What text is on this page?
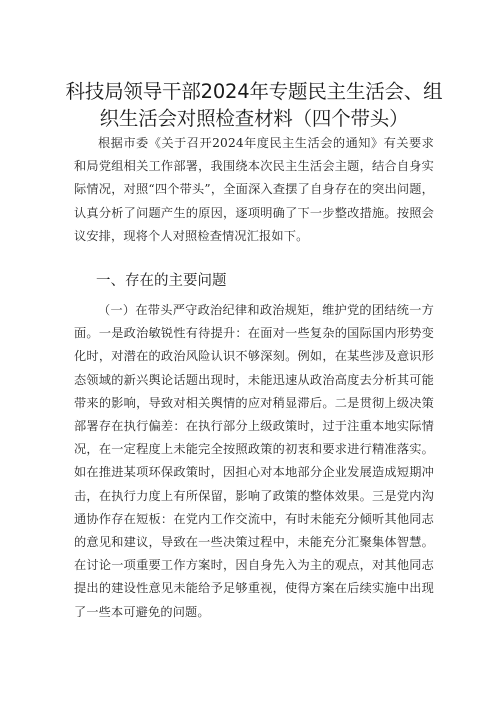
科技局领导干部2024年专题民主生活会、组织生活会对照检查材料（四个带头）

根据市委《关于召开2024年度民主生活会的通知》有关要求和局党组相关工作部署，我围绕本次民主生活会主题，结合自身实际情况，对照“四个带头”，全面深入查摆了自身存在的突出问题，认真分析了问题产生的原因，逐项明确了下一步整改措施。按照会议安排，现将个人对照检查情况汇报如下。

一、存在的主要问题

（一）在带头严守政治纪律和政治规矩，维护党的团结统一方面。一是政治敏锐性有待提升：在面对一些复杂的国际国内形势变化时，对潜在的政治风险认识不够深刻。例如，在某些涉及意识形态领域的新兴舆论话题出现时，未能迅速从政治高度去分析其可能带来的影响，导致对相关舆情的应对稍显滞后。二是贯彻上级决策部署存在执行偏差：在执行部分上级政策时，过于注重本地实际情况，在一定程度上未能完全按照政策的初衷和要求进行精准落实。如在推进某项环保政策时，因担心对本地部分企业发展造成短期冲击，在执行力度上有所保留，影响了政策的整体效果。三是党内沟通协作存在短板：在党内工作交流中，有时未能充分倾听其他同志的意见和建议，导致在一些决策过程中，未能充分汇聚集体智慧。在讨论一项重要工作方案时，因自身先入为主的观点，对其他同志提出的建设性意见未能给予足够重视，使得方案在后续实施中出现了一些本可避免的问题。
